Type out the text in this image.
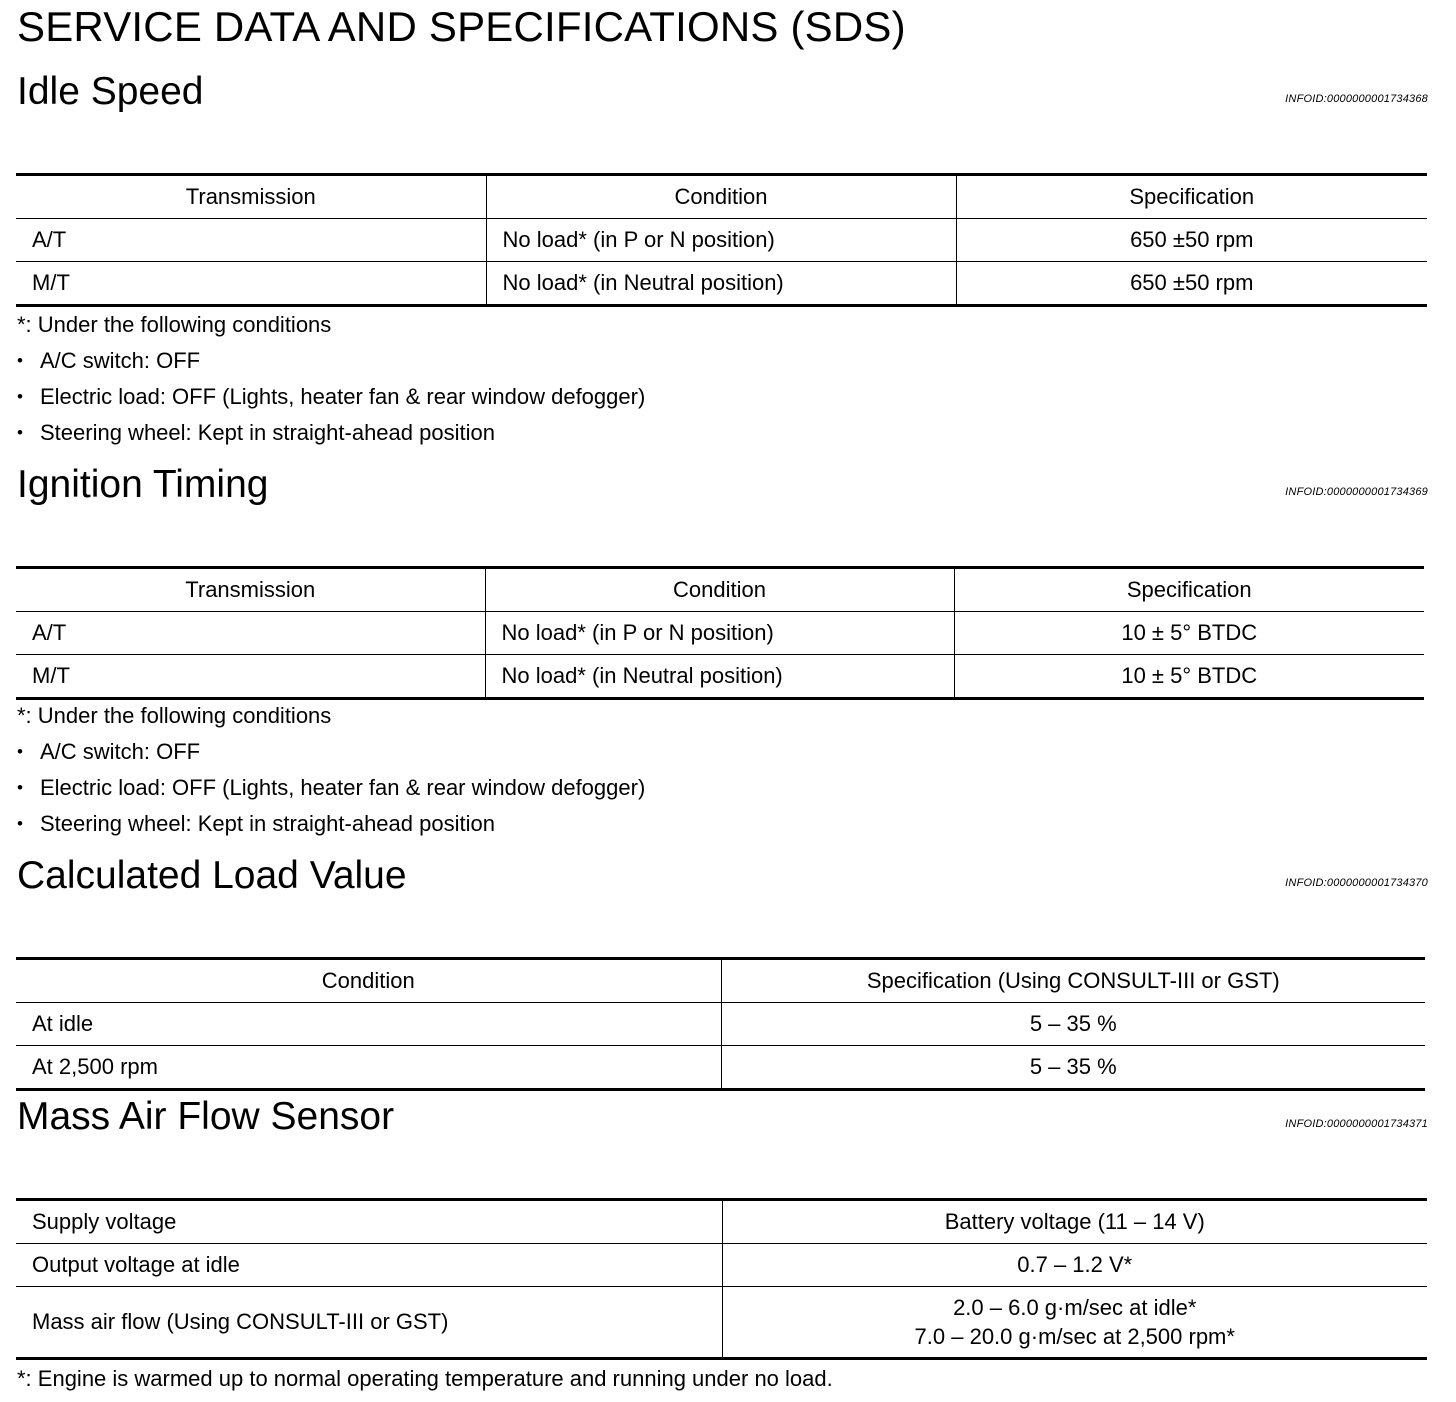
SERVICE DATA AND SPECIFICATIONS (SDS)
Idle Speed	INFOID:0000000001734368
Transmission	Condition	Specification
A/T	No load* (in P or N position)	650 ±50 rpm
M/T	No load* (in Neutral position)	650 ±50 rpm
*: Under the following conditions
• A/C switch: OFF
• Electric load: OFF (Lights, heater fan & rear window defogger)
• Steering wheel: Kept in straight-ahead position
Ignition Timing	INFOID:0000000001734369
Transmission	Condition	Specification
A/T	No load* (in P or N position)	10 ± 5° BTDC
M/T	No load* (in Neutral position)	10 ± 5° BTDC
*: Under the following conditions
• A/C switch: OFF
• Electric load: OFF (Lights, heater fan & rear window defogger)
• Steering wheel: Kept in straight-ahead position
Calculated Load Value	INFOID:0000000001734370
Condition	Specification (Using CONSULT-III or GST)
At idle	5 – 35 %
At 2,500 rpm	5 – 35 %
Mass Air Flow Sensor	INFOID:0000000001734371
Supply voltage	Battery voltage (11 – 14 V)
Output voltage at idle	0.7 – 1.2 V*
Mass air flow (Using CONSULT-III or GST)	2.0 – 6.0 g·m/sec at idle*
7.0 – 20.0 g·m/sec at 2,500 rpm*

*: Engine is warmed up to normal operating temperature and running under no load.
